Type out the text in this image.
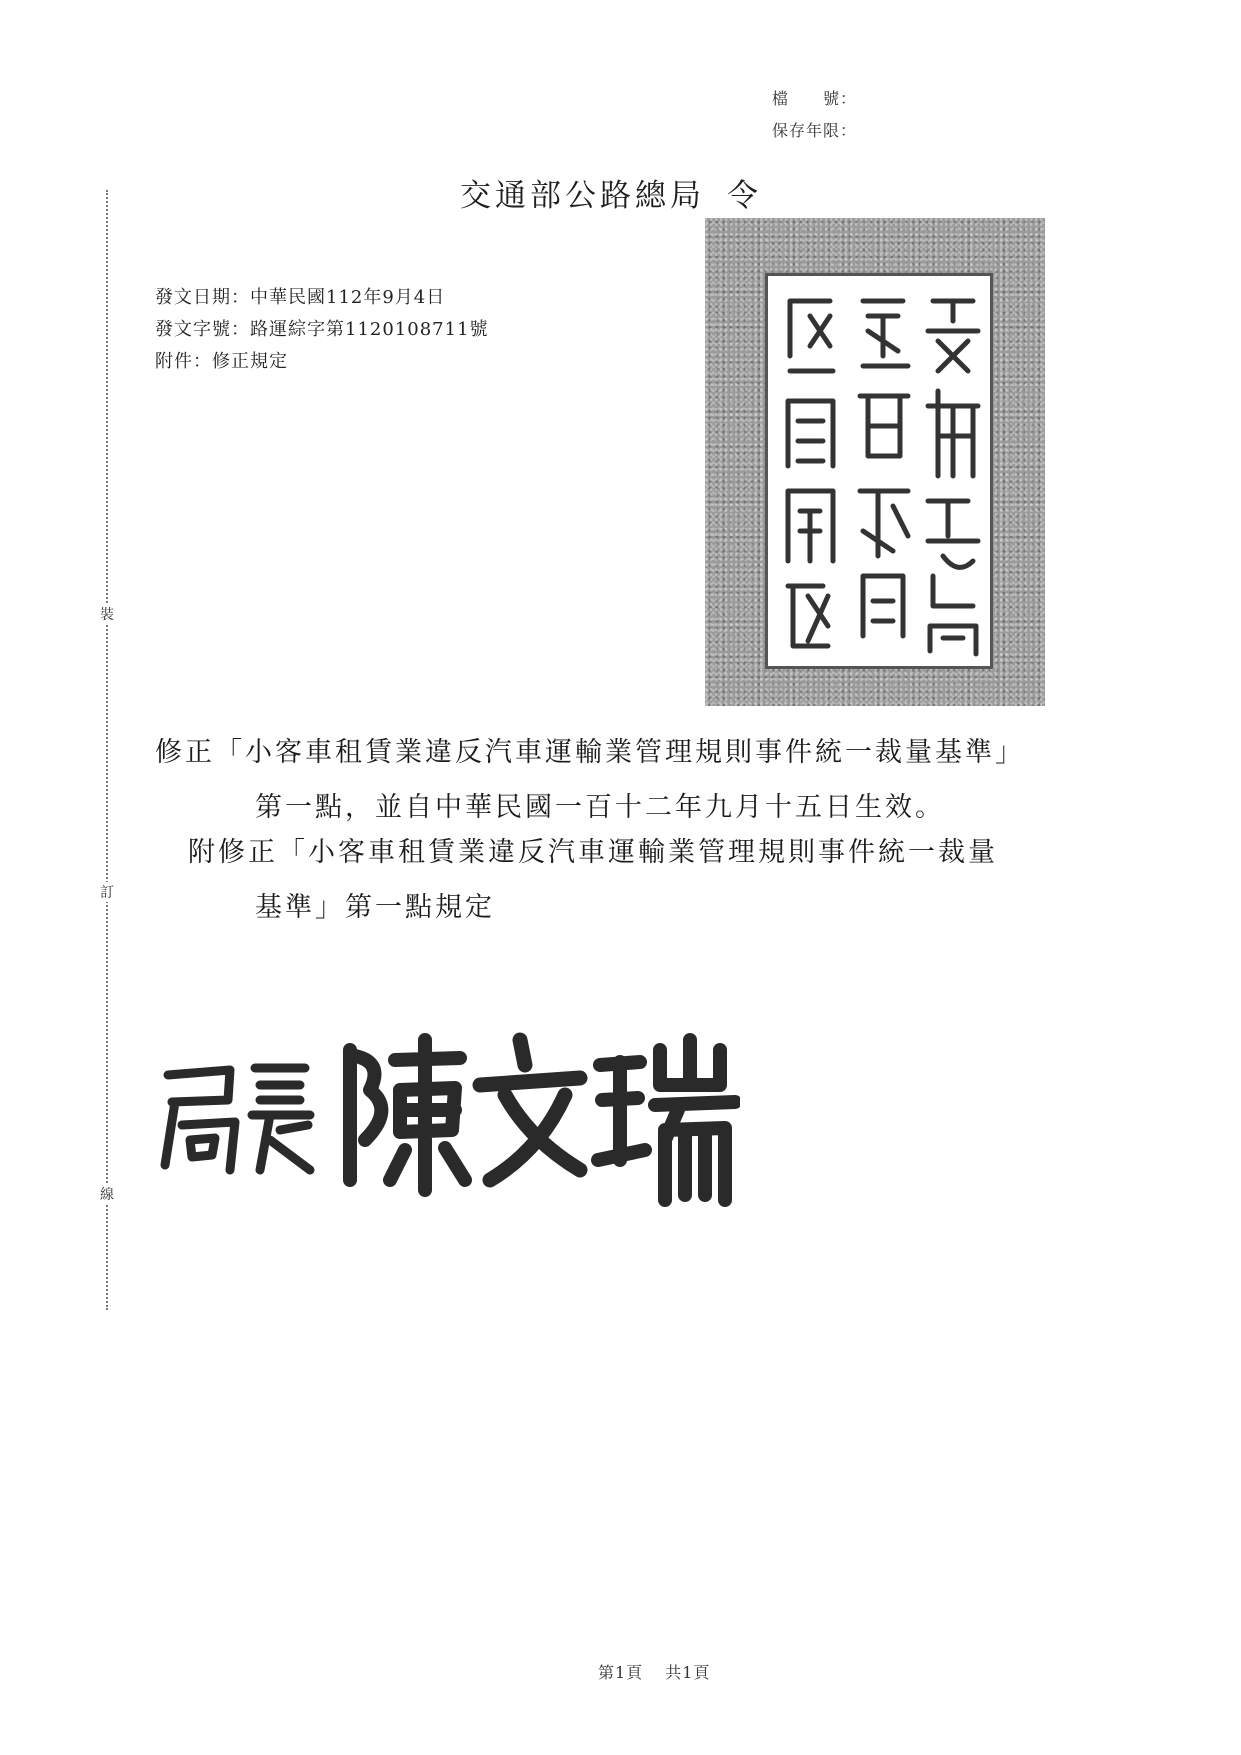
裝
訂
線
檔　　號：
保存年限：
交通部公路總局 令
發文日期：中華民國112年9月4日
發文字號：路運綜字第1120108711號
附件：修正規定
修正「小客車租賃業違反汽車運輸業管理規則事件統一裁量基準」
第一點，並自中華民國一百十二年九月十五日生效。
附修正「小客車租賃業違反汽車運輸業管理規則事件統一裁量
基準」第一點規定
第1頁 共1頁
